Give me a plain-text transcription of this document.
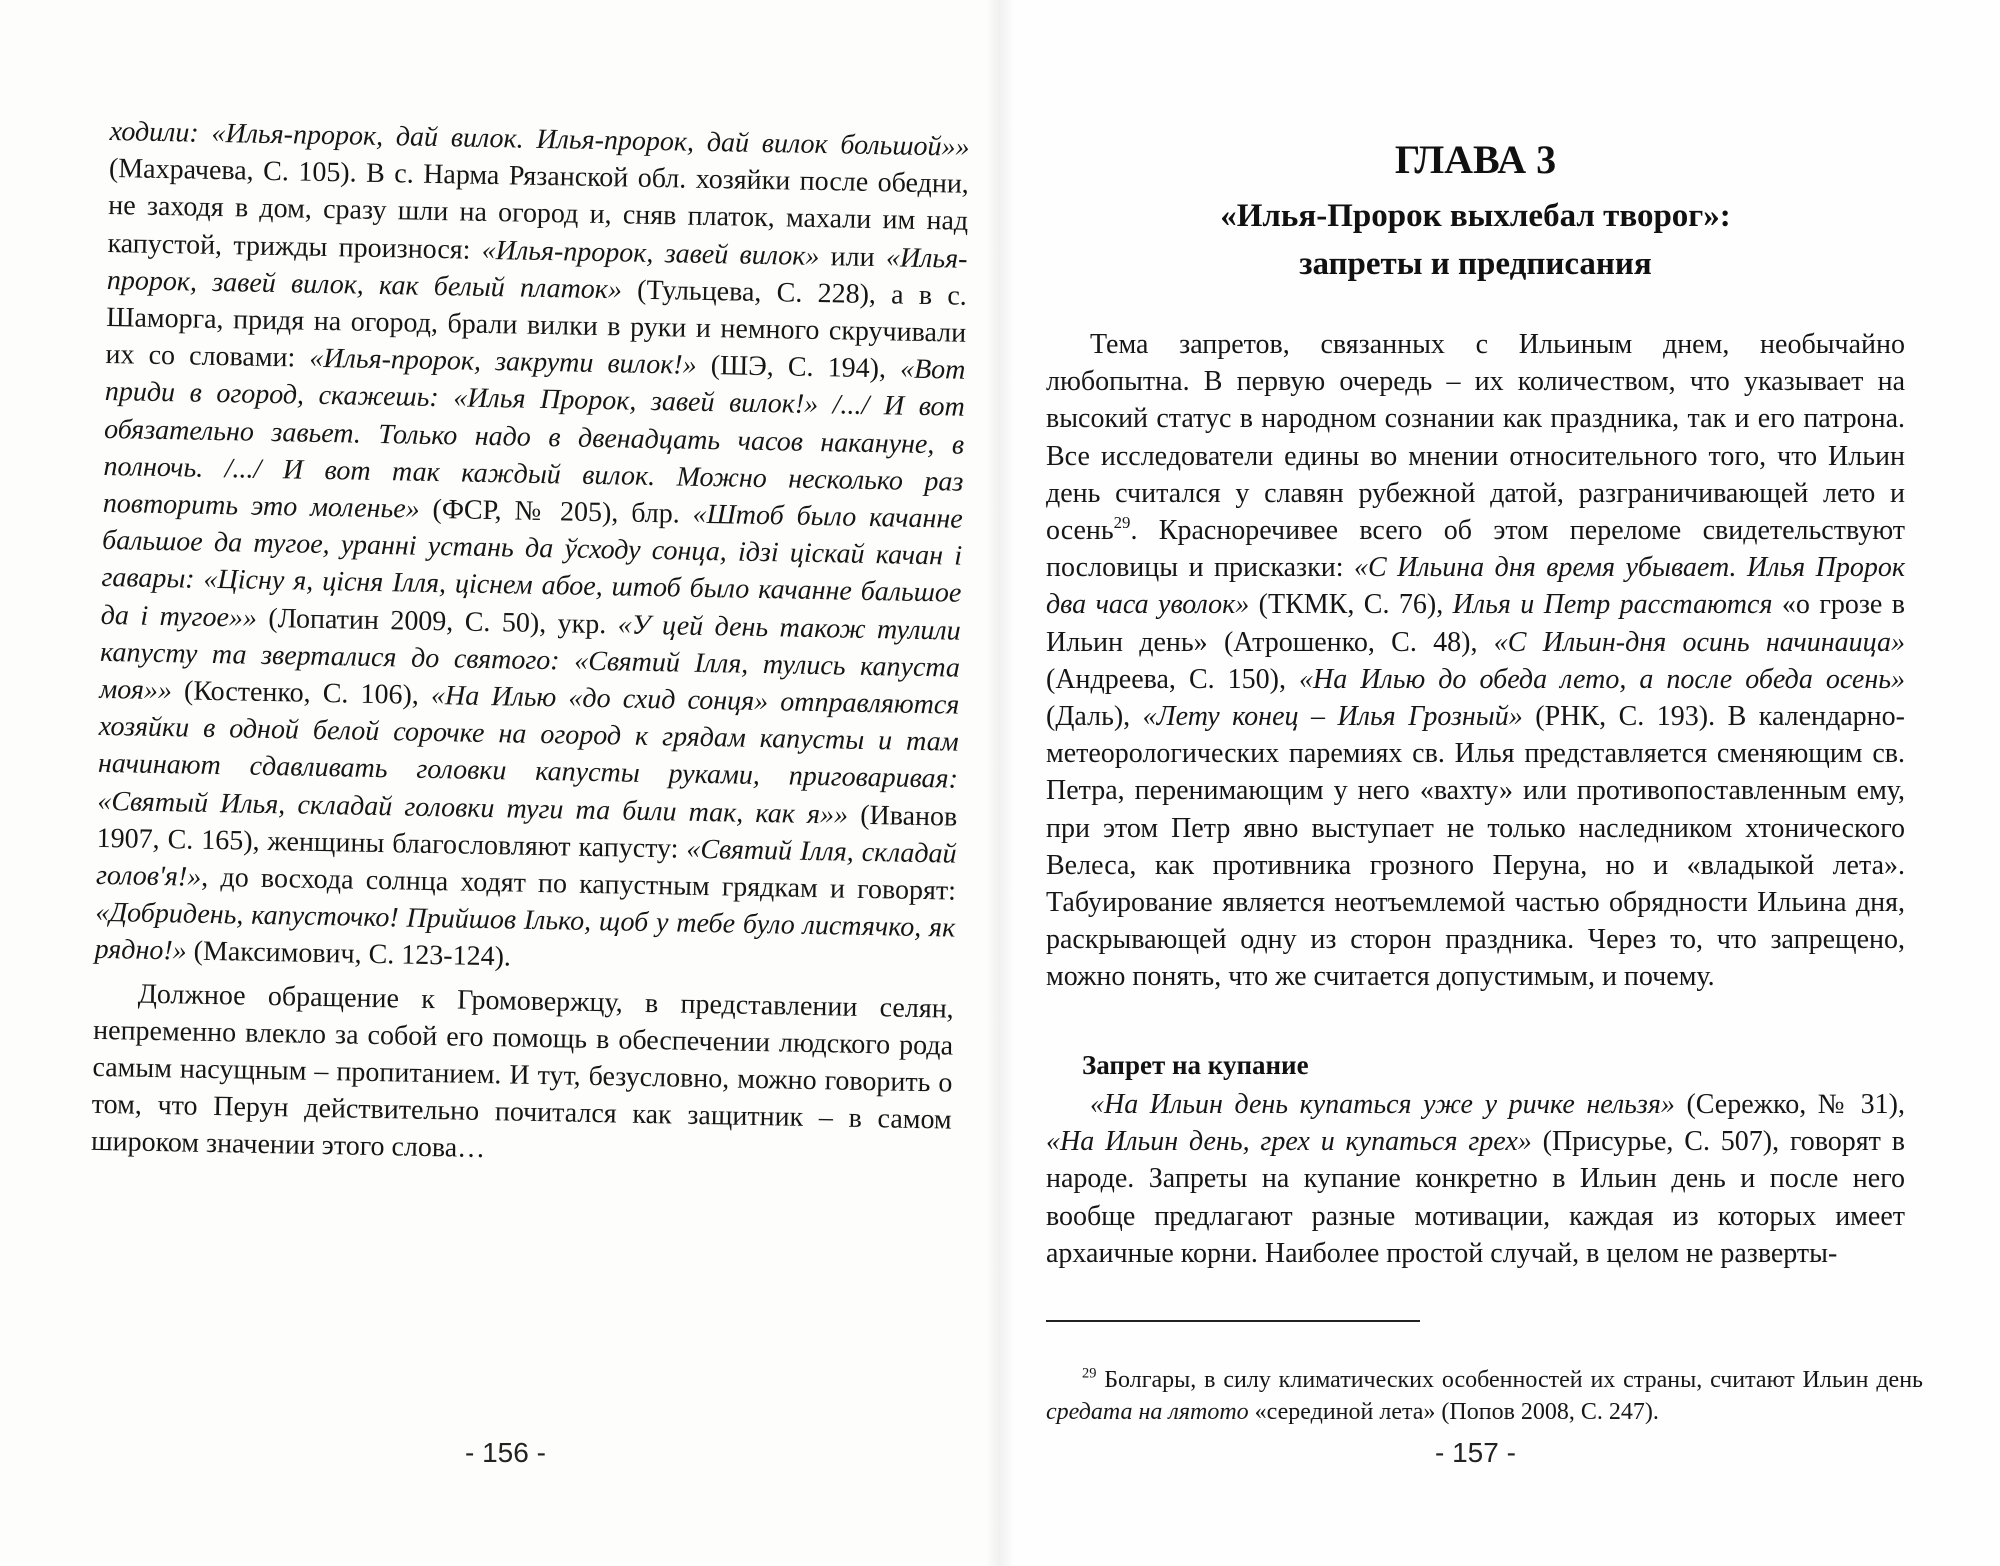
ходили: «Илья-пророк, дай вилок. Илья-пророк, дай вилок большой»» (Махрачева, С. 105). В с. Нарма Рязанской обл. хозяйки после обедни, не заходя в дом, сразу шли на огород и, сняв платок, махали им над капустой, трижды произнося: «Илья-пророк, завей вилок» или «Илья-пророк, завей вилок, как белый платок» (Тульцева, С. 228), а в с. Шаморга, придя на огород, брали вилки в руки и немного скручивали их со словами: «Илья-пророк, закрути вилок!» (ШЭ, С. 194), «Вот приди в огород, скажешь: «Илья Пророк, завей вилок!» /.../ И вот обязательно завьет. Только надо в двенадцать часов накануне, в полночь. /.../ И вот так каждый вилок. Можно несколько раз повторить это моленье» (ФСР, № 205), блр. «Штоб было качанне бальшое да тугое, уранні устань да ўсходу сонца, ідзі цiскай качан і гавары: «Цісну я, цісня Ілля, цiснем абое, штоб было качанне бальшое да і тугое»» (Лопатин 2009, С. 50), укр. «У цей день також тулили капусту та зверталися до святого: «Святий Ілля, тулись капуста моя»» (Костенко, С. 106), «На Илью «до схид сонця» отправляются хозяйки в одной белой сорочке на огород к грядам капусты и там начинают сдавливать головки капусты руками, приговаривая: «Святый Илья, складай головки туги та били так, как я»» (Иванов 1907, С. 165), женщины благословляют капусту: «Святий Ілля, складай голов'я!», до восхода солнца ходят по капустным грядкам и говорят: «Добридень, капусточко! Прийшов Ілько, щоб у тебе було листячко, як рядно!» (Максимович, С. 123-124).

Должное обращение к Громовержцу, в представлении селян, непременно влекло за собой его помощь в обеспечении людского рода самым насущным – пропитанием. И тут, безусловно, можно говорить о том, что Перун действительно почитался как защитник – в самом широком значении этого слова…

- 156 -
ГЛАВА 3
«Илья-Пророк выхлебал творог»:
запреты и предписания

Тема запретов, связанных с Ильиным днем, необычайно любопытна. В первую очередь – их количеством, что указывает на высокий статус в народном сознании как праздника, так и его патрона. Все исследователи едины во мнении относительного того, что Ильин день считался у славян рубежной датой, разграничивающей лето и осень$^{29}$. Красноречивее всего об этом переломе свидетельствуют пословицы и присказки: «С Ильина дня время убывает. Илья Пророк два часа уволок» (ТКМК, С. 76), Илья и Петр расстаются «о грозе в Ильин день» (Атрошенко, С. 48), «С Ильин-дня осинь начинаица» (Андреева, С. 150), «На Илью до обеда лето, а после обеда осень» (Даль), «Лету конец – Илья Грозный» (РНК, С. 193). В календарно-метеорологических паремиях св. Илья представляется сменяющим св. Петра, перенимающим у него «вахту» или противопоставленным ему, при этом Петр явно выступает не только наследником хтонического Велеса, как противника грозного Перуна, но и «владыкой лета». Табуирование является неотъемлемой частью обрядности Ильина дня, раскрывающей одну из сторон праздника. Через то, что запрещено, можно понять, что же считается допустимым, и почему.

Запрет на купание

«На Ильин день купаться уже у ричке нельзя» (Сережко, № 31), «На Ильин день, грех и купаться грех» (Присурье, С. 507), говорят в народе. Запреты на купание конкретно в Ильин день и после него вообще предлагают разные мотивации, каждая из которых имеет архаичные корни. Наиболее простой случай, в целом не разверты-

$^{29}$ Болгары, в силу климатических особенностей их страны, считают Ильин день средата на лятото «серединой лета» (Попов 2008, С. 247).

- 157 -
